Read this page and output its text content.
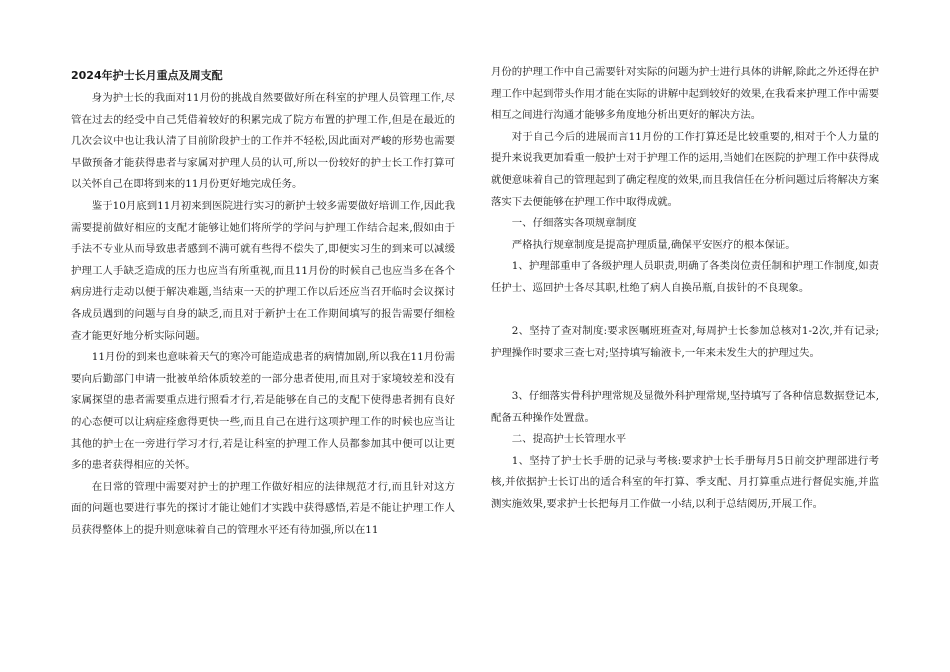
2024年护士长月重点及周支配

身为护士长的我面对11月份的挑战自然要做好所在科室的护理人员管理工作,尽管在过去的经受中自己凭借着较好的积累完成了院方布置的护理工作,但是在最近的几次会议中也让我认清了目前阶段护士的工作并不轻松,因此面对严峻的形势也需要早做预备才能获得患者与家属对护理人员的认可,所以一份较好的护士长工作打算可以关怀自己在即将到来的11月份更好地完成任务。

鉴于10月底到11月初来到医院进行实习的新护士较多需要做好培训工作,因此我需要提前做好相应的支配才能够让她们将所学的学问与护理工作结合起来,假如由于手法不专业从而导致患者感到不满可就有些得不偿失了,即便实习生的到来可以减缓护理工人手缺乏造成的压力也应当有所重视,而且11月份的时候自己也应当多在各个病房进行走动以便于解决难题,当结束一天的护理工作以后还应当召开临时会议探讨各成员遇到的问题与自身的缺乏,而且对于新护士在工作期间填写的报告需要仔细检查才能更好地分析实际问题。

11月份的到来也意味着天气的寒冷可能造成患者的病情加剧,所以我在11月份需要向后勤部门申请一批被单给体质较差的一部分患者使用,而且对于家境较差和没有家属探望的患者需要重点进行照看才行,若是能够在自己的支配下使得患者拥有良好的心态便可以让病症痊愈得更快一些,而且自己在进行这项护理工作的时候也应当让其他的护士在一旁进行学习才行,若是让科室的护理工作人员都参加其中便可以让更多的患者获得相应的关怀。

在日常的管理中需要对护士的护理工作做好相应的法律规范才行,而且针对这方面的问题也要进行事先的探讨才能让她们才实践中获得感悟,若是不能让护理工作人员获得整体上的提升则意味着自己的管理水平还有待加强,所以在11

月份的护理工作中自己需要针对实际的问题为护士进行具体的讲解,除此之外还得在护理工作中起到带头作用才能在实际的讲解中起到较好的效果,在我看来护理工作中需要相互之间进行沟通才能够多角度地分析出更好的解决方法。

对于自己今后的进展而言11月份的工作打算还是比较重要的,相对于个人力量的提升来说我更加看重一般护士对于护理工作的运用,当她们在医院的护理工作中获得成就便意味着自己的管理起到了确定程度的效果,而且我信任在分析问题过后将解决方案落实下去便能够在护理工作中取得成就。

一、仔细落实各项规章制度

严格执行规章制度是提高护理质量,确保平安医疗的根本保证。

1、护理部重申了各级护理人员职责,明确了各类岗位责任制和护理工作制度,如责任护士、巡回护士各尽其职,杜绝了病人自换吊瓶,自拔针的不良现象。

2、坚持了查对制度:要求医嘱班班查对,每周护士长参加总核对1-2次,并有记录;护理操作时要求三查七对;坚持填写输液卡,一年来未发生大的护理过失。

3、仔细落实骨科护理常规及显微外科护理常规,坚持填写了各种信息数据登记本,配备五种操作处置盘。

二、提高护士长管理水平

1、坚持了护士长手册的记录与考核:要求护士长手册每月5日前交护理部进行考核,并依据护士长订出的适合科室的年打算、季支配、月打算重点进行督促实施,并监测实施效果,要求护士长把每月工作做一小结,以利于总结阅历,开展工作。
